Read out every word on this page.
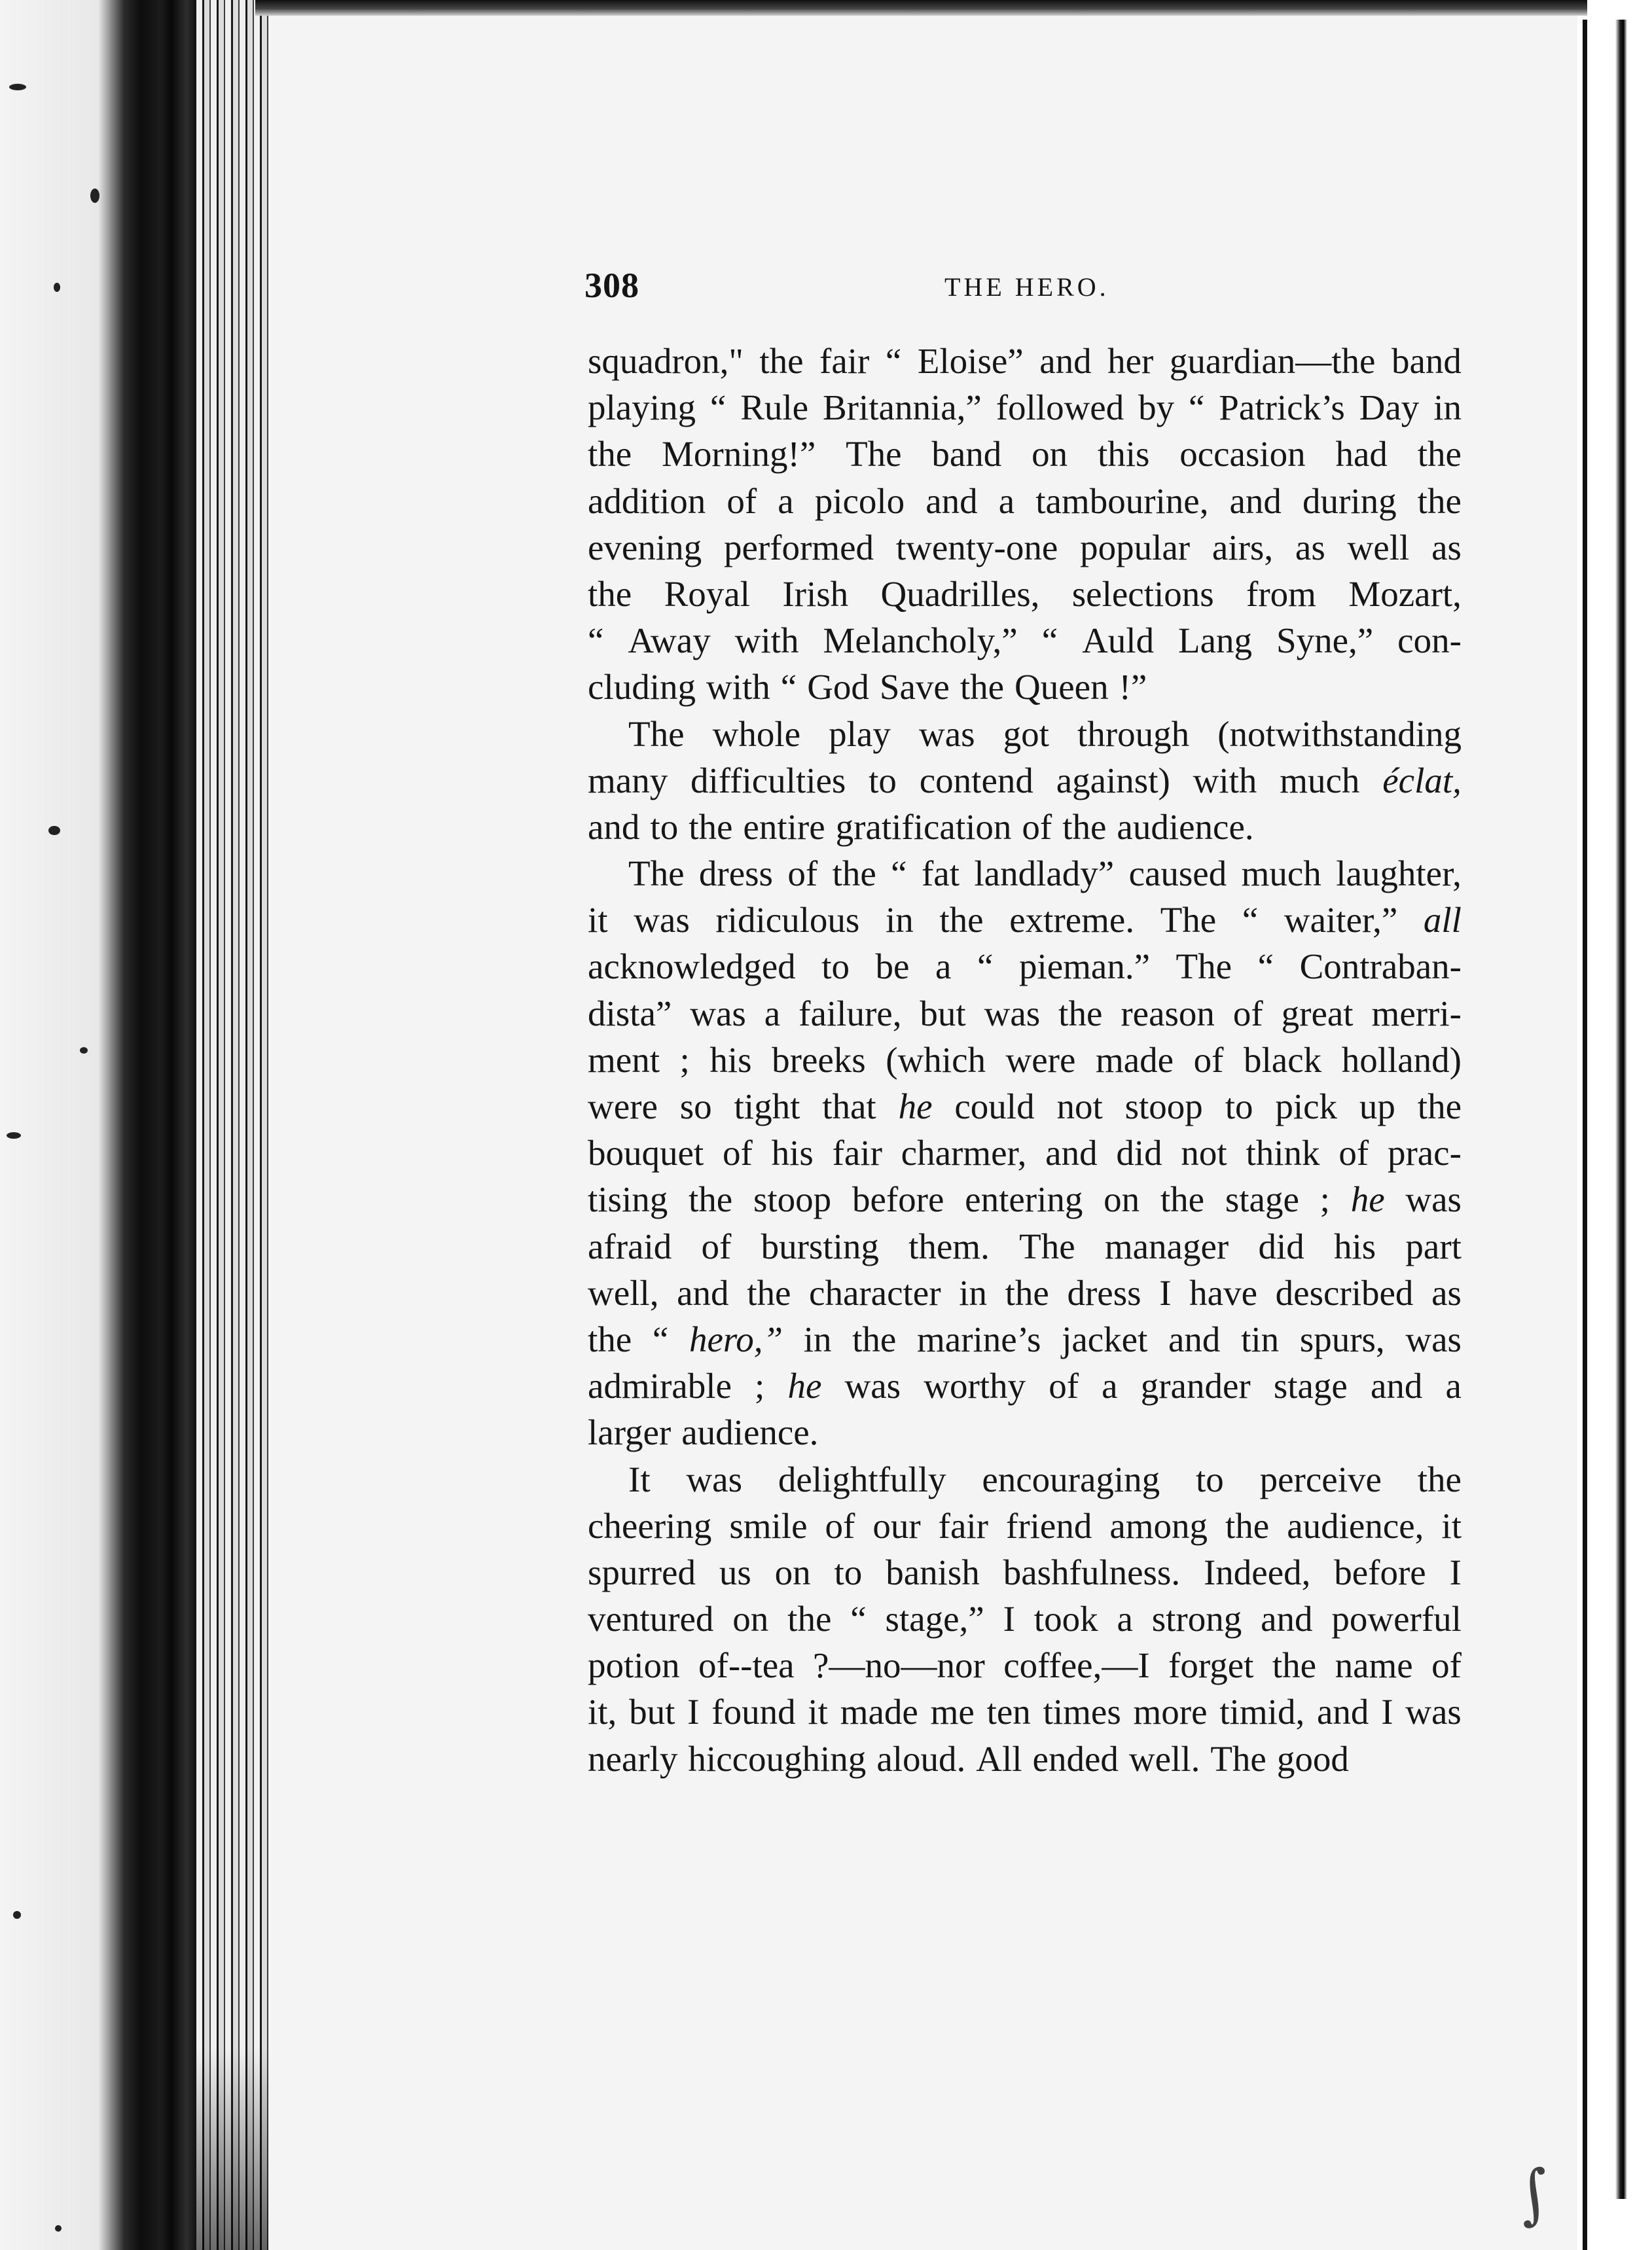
∫
308	THE HERO.
squadron," the fair “ Eloise” and her guardian—the band
playing “ Rule Britannia,” followed by “ Patrick’s Day in
the Morning!” The band on this occasion had the
addition of a picolo and a tambourine, and during the
evening performed twenty-one popular airs, as well as
the Royal Irish Quadrilles, selections from Mozart,
“ Away with Melancholy,” “ Auld Lang Syne,” con-
cluding with “ God Save the Queen !”
The whole play was got through (notwithstanding
many difficulties to contend against) with much éclat,
and to the entire gratification of the audience.
The dress of the “ fat landlady” caused much laughter,
it was ridiculous in the extreme. The “ waiter,” all
acknowledged to be a “ pieman.” The “ Contraban-
dista” was a failure, but was the reason of great merri-
ment ; his breeks (which were made of black holland)
were so tight that he could not stoop to pick up the
bouquet of his fair charmer, and did not think of prac-
tising the stoop before entering on the stage ; he was
afraid of bursting them. The manager did his part
well, and the character in the dress I have described as
the “ hero,” in the marine’s jacket and tin spurs, was
admirable ; he was worthy of a grander stage and a
larger audience.
It was delightfully encouraging to perceive the
cheering smile of our fair friend among the audience, it
spurred us on to banish bashfulness. Indeed, before I
ventured on the “ stage,” I took a strong and powerful
potion of--tea ?—no—nor coffee,—I forget the name of
it, but I found it made me ten times more timid, and I was
nearly hiccoughing aloud. All ended well. The good
